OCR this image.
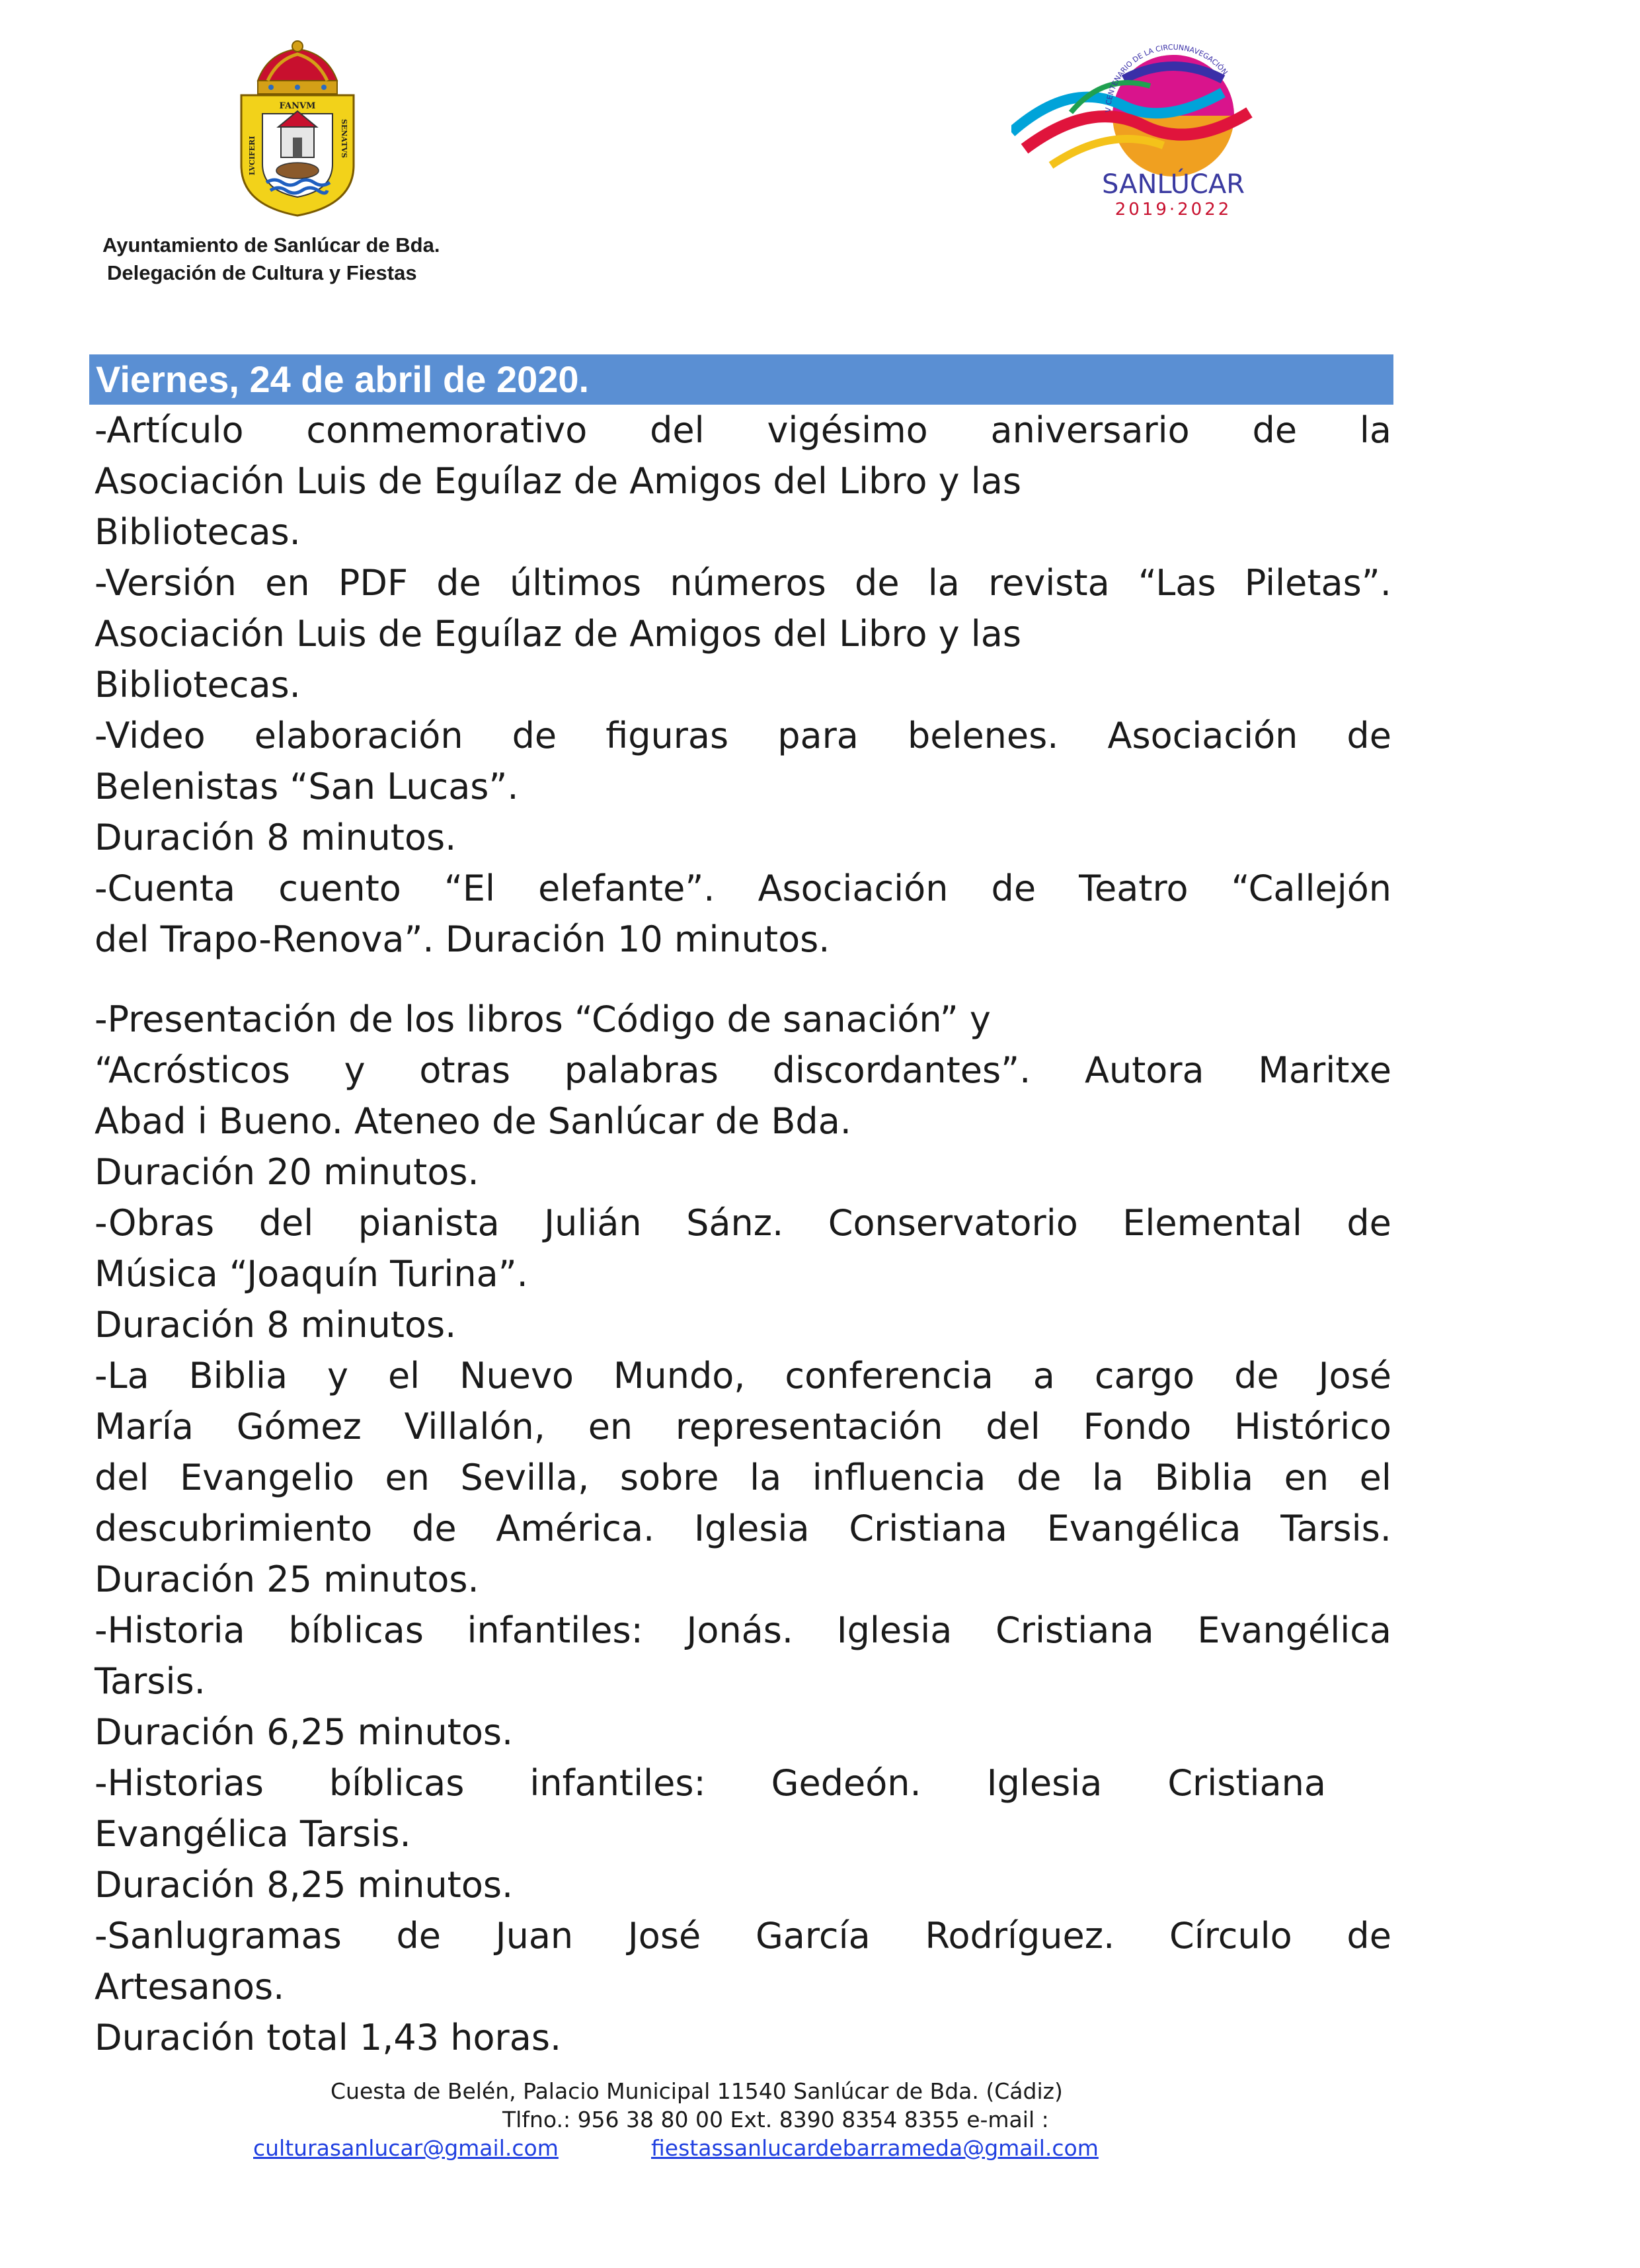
FANVM
LVCIFERI	SENATVS
V CENTENARIO DE LA CIRCUNNAVEGACIÓN
SANLÚCAR
2019·2022
Ayuntamiento de Sanlúcar de Bda.
Delegación de Cultura y Fiestas
Viernes, 24 de abril de 2020.
-Artículo conmemorativo del vigésimo aniversario de la
Asociación Luis de Eguílaz de Amigos del Libro y las
Bibliotecas.
-Versión en PDF de últimos números de la revista “Las Piletas”.
Asociación Luis de Eguílaz de Amigos del Libro y las
Bibliotecas.
-Video elaboración de figuras para belenes. Asociación de
Belenistas “San Lucas”.
Duración 8 minutos.
-Cuenta cuento “El elefante”. Asociación de Teatro “Callejón
del Trapo-Renova”. Duración 10 minutos.
-Presentación de los libros “Código de sanación” y
“Acrósticos y otras palabras discordantes”. Autora Maritxe
Abad i Bueno. Ateneo de Sanlúcar de Bda.
Duración 20 minutos.
-Obras del pianista Julián Sánz. Conservatorio Elemental de
Música “Joaquín Turina”.
Duración 8 minutos.
-La Biblia y el Nuevo Mundo, conferencia a cargo de José
María Gómez Villalón, en representación del Fondo Histórico
del Evangelio en Sevilla, sobre la influencia de la Biblia en el
descubrimiento de América. Iglesia Cristiana Evangélica Tarsis.
Duración 25 minutos.
-Historia bíblicas infantiles: Jonás. Iglesia Cristiana Evangélica
Tarsis.
Duración 6,25 minutos.
-Historias bíblicas infantiles: Gedeón. Iglesia Cristiana
Evangélica Tarsis.
Duración 8,25 minutos.
-Sanlugramas de Juan José García Rodríguez. Círculo de
Artesanos.
Duración total 1,43 horas.
Cuesta de Belén, Palacio Municipal 11540 Sanlúcar de Bda. (Cádiz)
Tlfno.: 956 38 80 00 Ext. 8390 8354 8355 e-mail :
culturasanlucar@gmail.com	fiestassanlucardebarrameda@gmail.com
